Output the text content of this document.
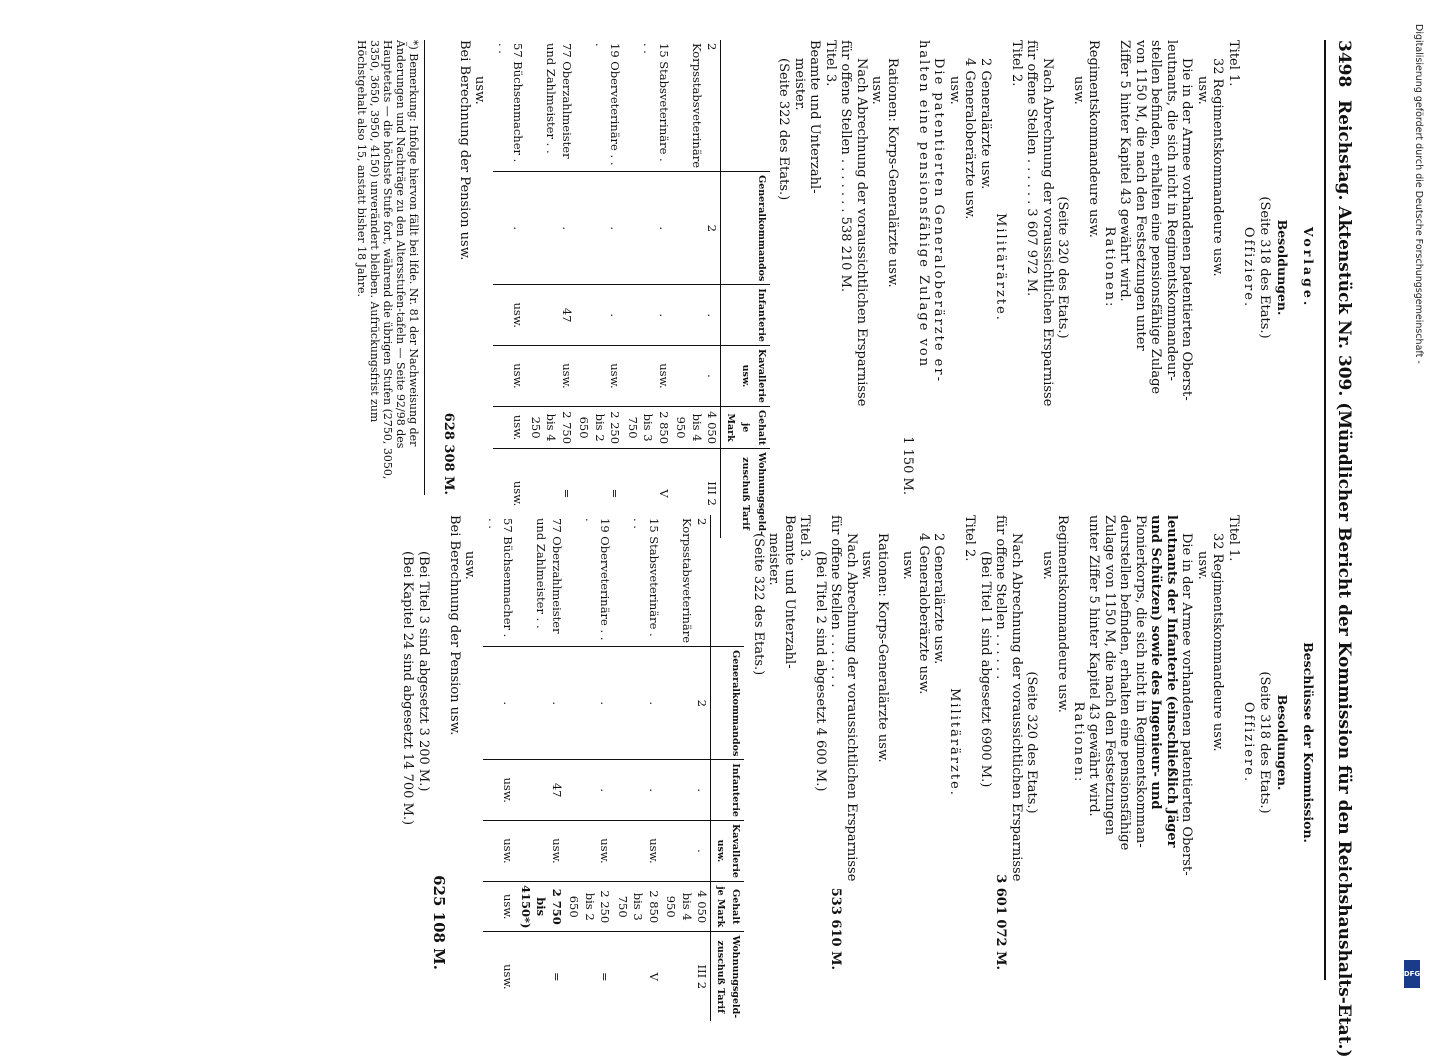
3498
Reichstag. Aktenstück Nr. 309. (Mündlicher Bericht der Kommission für den Reichshaushalts-Etat.)
Vorlage.
Besoldungen.
(Seite 318 des Etats.)
Offiziere.
Titel 1.
32 Regimentskommandeure usw.
usw.
Die in der Armee vorhandenen patentierten Oberst-
leutnants, die sich nicht in Regimentskommandeur-
stellen befinden, erhalten eine pensionsfähige Zulage
von 1150 M, die nach den Festsetzungen unter
Ziffer 5 hinter Kapitel 43 gewährt wird.
Rationen:
Regimentskommandeure usw.
usw.
(Seite 320 des Etats.)
Nach Abrechnung der voraussichtlichen Ersparnisse
für offene Stellen . . . . . . 3 607 972 M.
Titel 2.
Militärärzte.
2 Generalärzte usw.
4 Generaloberärzte usw.
usw.
Die patentierten Generaloberärzte er-
halten eine pensionsfähige Zulage von
1 150 M.
Rationen: Korps-Generalärzte usw.
usw.
Nach Abrechnung der voraussichtlichen Ersparnisse
für offene Stellen . . . . . . . 538 210 M.
Titel 3.
Beamte und Unterzahl-
meister.
(Seite 322 des Etats.)
	Generalkommandos	Infanterie	Kavallerie usw.	Gehalt je Mark	Wohnungsgeld-zuschuß Tarif
2 Korpsstabsveterinäre	2	.	.	4 050 bis 4 950	III 2
15 Stabsveterinäre . . .	.	.	usw.	2 850 bis 3 750	V
19 Oberveterinäre . . .	.	.	usw.	2 250 bis 2 650	=
77 Oberzahlmeister und Zahlmeister . .	.	47	usw.	2 750 bis 4 250	=
57 Büchsenmacher . . .	.	usw.	usw.	usw.	usw.
usw.
Bei Berechnung der Pension usw.
628 308 M.
*) Bemerkung: Infolge hiervon fällt bei lfde. Nr. 81 der Nachweisung der Änderungen und Nachträge zu den Altersstufen-tafeln — Seite 92/98 des Hauptetats — die höchste Stufe fort, während die übrigen Stufen (2750, 3050, 3350, 3650, 3950, 4150) unverändert bleiben. Aufrückungsfrist zum Höchstgehalt also 15, anstatt bisher 18 Jahre.
Beschlüsse der Kommission.
Besoldungen.
(Seite 318 des Etats.)
Offiziere.
Titel 1.
32 Regimentskommandeure usw.
usw.
Die in der Armee vorhandenen patentierten Oberst-
leutnants der Infanterie (einschließlich Jäger
und Schützen) sowie des Ingenieur- und
Pionierkorps, die sich nicht in Regimentskomman-
deurstellen befinden, erhalten eine pensionsfähige
Zulage von 1150 M, die nach den Festsetzungen
unter Ziffer 5 hinter Kapitel 43 gewährt wird.
Rationen:
Regimentskommandeure usw.
usw.
(Seite 320 des Etats.)
Nach Abrechnung der voraussichtlichen Ersparnisse
für offene Stellen . . . . . .
3 601 072 M.
(Bei Titel 1 sind abgesetzt 6900 M.)
Titel 2.
Militärärzte.
2 Generalärzte usw.
4 Generaloberärzte usw.
usw.
Rationen: Korps-Generalärzte usw.
usw.
Nach Abrechnung der voraussichtlichen Ersparnisse
für offene Stellen . . . . . . .
533 610 M.
(Bei Titel 2 sind abgesetzt 4 600 M.)
Titel 3.
Beamte und Unterzahl-
meister.
(Seite 322 des Etats.)
	Generalkommandos	Infanterie	Kavallerie usw.	Gehalt je Mark	Wohnungsgeld-zuschuß Tarif
2 Korpsstabsveterinäre	2	.	.	4 050 bis 4 950	III 2
15 Stabsveterinäre . . .	.	.	usw.	2 850 bis 3 750	V
19 Oberveterinäre . . .	.	.	usw.	2 250 bis 2 650	=
77 Oberzahlmeister und Zahlmeister . .	.	47	usw.	2 750 bis 4150*)	=
57 Büchsenmacher . . .	.	usw.	usw.	usw.	usw.
usw.
Bei Berechnung der Pension usw.
625 108 M.
(Bei Titel 3 sind abgesetzt 3 200 M.)
(Bei Kapitel 24 sind abgesetzt 14 700 M.)
Digitalisierung gefördert durch die Deutsche Forschungsgemeinschaft -
DFG
